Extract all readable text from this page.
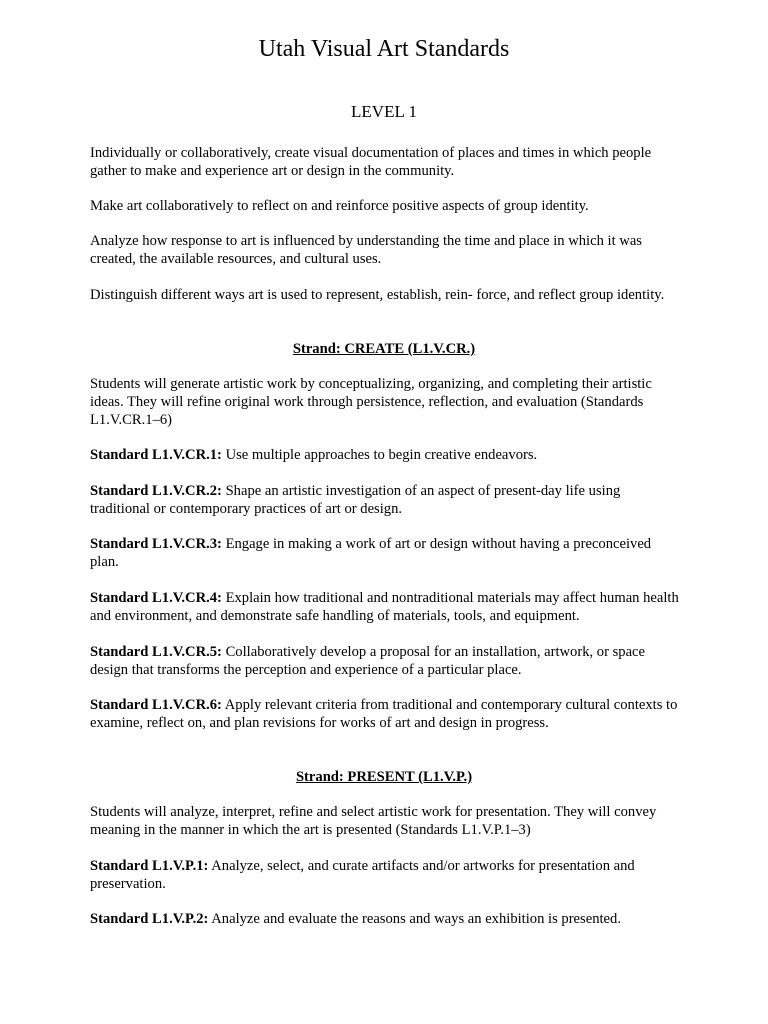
Utah Visual Art Standards
LEVEL 1

Individually or collaboratively, create visual documentation of places and times in which people gather to make and experience art or design in the community.

Make art collaboratively to reflect on and reinforce positive aspects of group identity.

Analyze how response to art is influenced by understanding the time and place in which it was created, the available resources, and cultural uses.

Distinguish different ways art is used to represent, establish, rein- force, and reflect group identity.

Strand: CREATE (L1.V.CR.)

Students will generate artistic work by conceptualizing, organizing, and completing their artistic ideas. They will refine original work through persistence, reflection, and evaluation (Standards L1.V.CR.1–6)

Standard L1.V.CR.1: Use multiple approaches to begin creative endeavors.

Standard L1.V.CR.2: Shape an artistic investigation of an aspect of present-day life using traditional or contemporary practices of art or design.

Standard L1.V.CR.3: Engage in making a work of art or design without having a preconceived plan.

Standard L1.V.CR.4: Explain how traditional and nontraditional materials may affect human health and environment, and demonstrate safe handling of materials, tools, and equipment.

Standard L1.V.CR.5: Collaboratively develop a proposal for an installation, artwork, or space design that transforms the perception and experience of a particular place.

Standard L1.V.CR.6: Apply relevant criteria from traditional and contemporary cultural contexts to examine, reflect on, and plan revisions for works of art and design in progress.

Strand: PRESENT (L1.V.P.)

Students will analyze, interpret, refine and select artistic work for presentation. They will convey meaning in the manner in which the art is presented (Standards L1.V.P.1–3)

Standard L1.V.P.1: Analyze, select, and curate artifacts and/or artworks for presentation and preservation.

Standard L1.V.P.2: Analyze and evaluate the reasons and ways an exhibition is presented.
